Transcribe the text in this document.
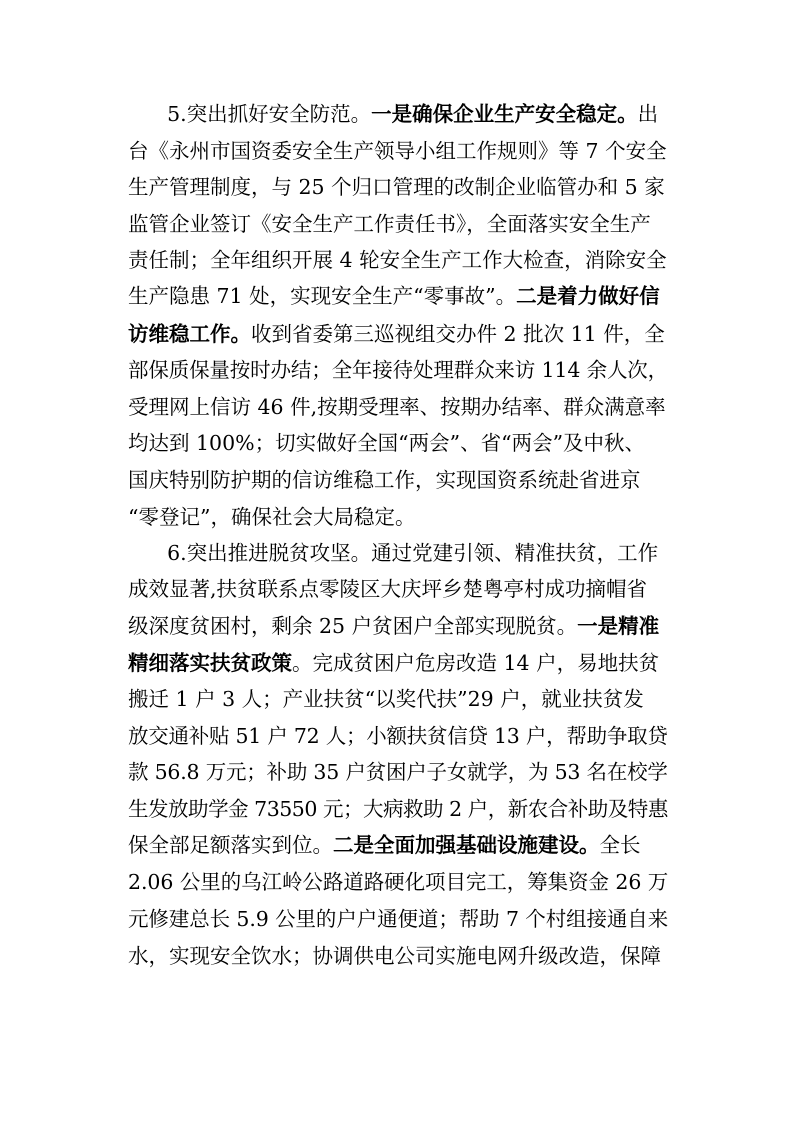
5.突出抓好安全防范。一是确保企业生产安全稳定。出
台《永州市国资委安全生产领导小组工作规则》等 7 个安全
生产管理制度，与 25 个归口管理的改制企业临管办和 5 家
监管企业签订《安全生产工作责任书》，全面落实安全生产
责任制；全年组织开展 4 轮安全生产工作大检查，消除安全
生产隐患 71 处，实现安全生产“零事故”。二是着力做好信
访维稳工作。收到省委第三巡视组交办件 2 批次 11 件，全
部保质保量按时办结；全年接待处理群众来访 114 余人次，
受理网上信访 46 件,按期受理率、按期办结率、群众满意率
均达到 100%；切实做好全国“两会”、省“两会”及中秋、
国庆特别防护期的信访维稳工作，实现国资系统赴省进京
“零登记”，确保社会大局稳定。
6.突出推进脱贫攻坚。通过党建引领、精准扶贫，工作
成效显著,扶贫联系点零陵区大庆坪乡楚粤亭村成功摘帽省
级深度贫困村，剩余 25 户贫困户全部实现脱贫。一是精准
精细落实扶贫政策。完成贫困户危房改造 14 户，易地扶贫
搬迁 1 户 3 人；产业扶贫“以奖代扶”29 户，就业扶贫发
放交通补贴 51 户 72 人；小额扶贫信贷 13 户，帮助争取贷
款 56.8 万元；补助 35 户贫困户子女就学，为 53 名在校学
生发放助学金 73550 元；大病救助 2 户，新农合补助及特惠
保全部足额落实到位。二是全面加强基础设施建设。全长
2.06 公里的乌江岭公路道路硬化项目完工，筹集资金 26 万
元修建总长 5.9 公里的户户通便道；帮助 7 个村组接通自来
水，实现安全饮水；协调供电公司实施电网升级改造，保障
